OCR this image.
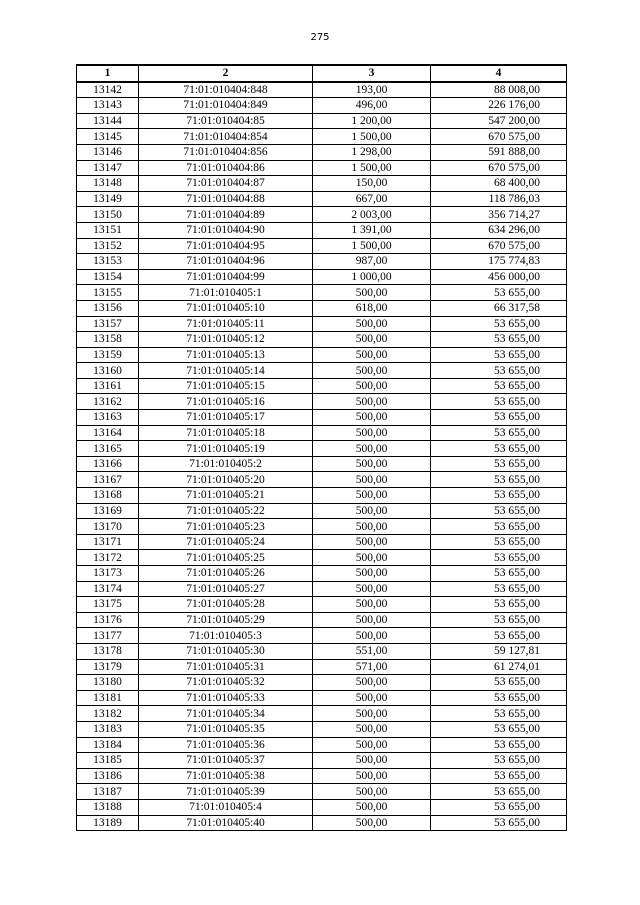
275
1	2	3	4
13142	71:01:010404:848	193,00	88 008,00
13143	71:01:010404:849	496,00	226 176,00
13144	71:01:010404:85	1 200,00	547 200,00
13145	71:01:010404:854	1 500,00	670 575,00
13146	71:01:010404:856	1 298,00	591 888,00
13147	71:01:010404:86	1 500,00	670 575,00
13148	71:01:010404:87	150,00	68 400,00
13149	71:01:010404:88	667,00	118 786,03
13150	71:01:010404:89	2 003,00	356 714,27
13151	71:01:010404:90	1 391,00	634 296,00
13152	71:01:010404:95	1 500,00	670 575,00
13153	71:01:010404:96	987,00	175 774,83
13154	71:01:010404:99	1 000,00	456 000,00
13155	71:01:010405:1	500,00	53 655,00
13156	71:01:010405:10	618,00	66 317,58
13157	71:01:010405:11	500,00	53 655,00
13158	71:01:010405:12	500,00	53 655,00
13159	71:01:010405:13	500,00	53 655,00
13160	71:01:010405:14	500,00	53 655,00
13161	71:01:010405:15	500,00	53 655,00
13162	71:01:010405:16	500,00	53 655,00
13163	71:01:010405:17	500,00	53 655,00
13164	71:01:010405:18	500,00	53 655,00
13165	71:01:010405:19	500,00	53 655,00
13166	71:01:010405:2	500,00	53 655,00
13167	71:01:010405:20	500,00	53 655,00
13168	71:01:010405:21	500,00	53 655,00
13169	71:01:010405:22	500,00	53 655,00
13170	71:01:010405:23	500,00	53 655,00
13171	71:01:010405:24	500,00	53 655,00
13172	71:01:010405:25	500,00	53 655,00
13173	71:01:010405:26	500,00	53 655,00
13174	71:01:010405:27	500,00	53 655,00
13175	71:01:010405:28	500,00	53 655,00
13176	71:01:010405:29	500,00	53 655,00
13177	71:01:010405:3	500,00	53 655,00
13178	71:01:010405:30	551,00	59 127,81
13179	71:01:010405:31	571,00	61 274,01
13180	71:01:010405:32	500,00	53 655,00
13181	71:01:010405:33	500,00	53 655,00
13182	71:01:010405:34	500,00	53 655,00
13183	71:01:010405:35	500,00	53 655,00
13184	71:01:010405:36	500,00	53 655,00
13185	71:01:010405:37	500,00	53 655,00
13186	71:01:010405:38	500,00	53 655,00
13187	71:01:010405:39	500,00	53 655,00
13188	71:01:010405:4	500,00	53 655,00
13189	71:01:010405:40	500,00	53 655,00
